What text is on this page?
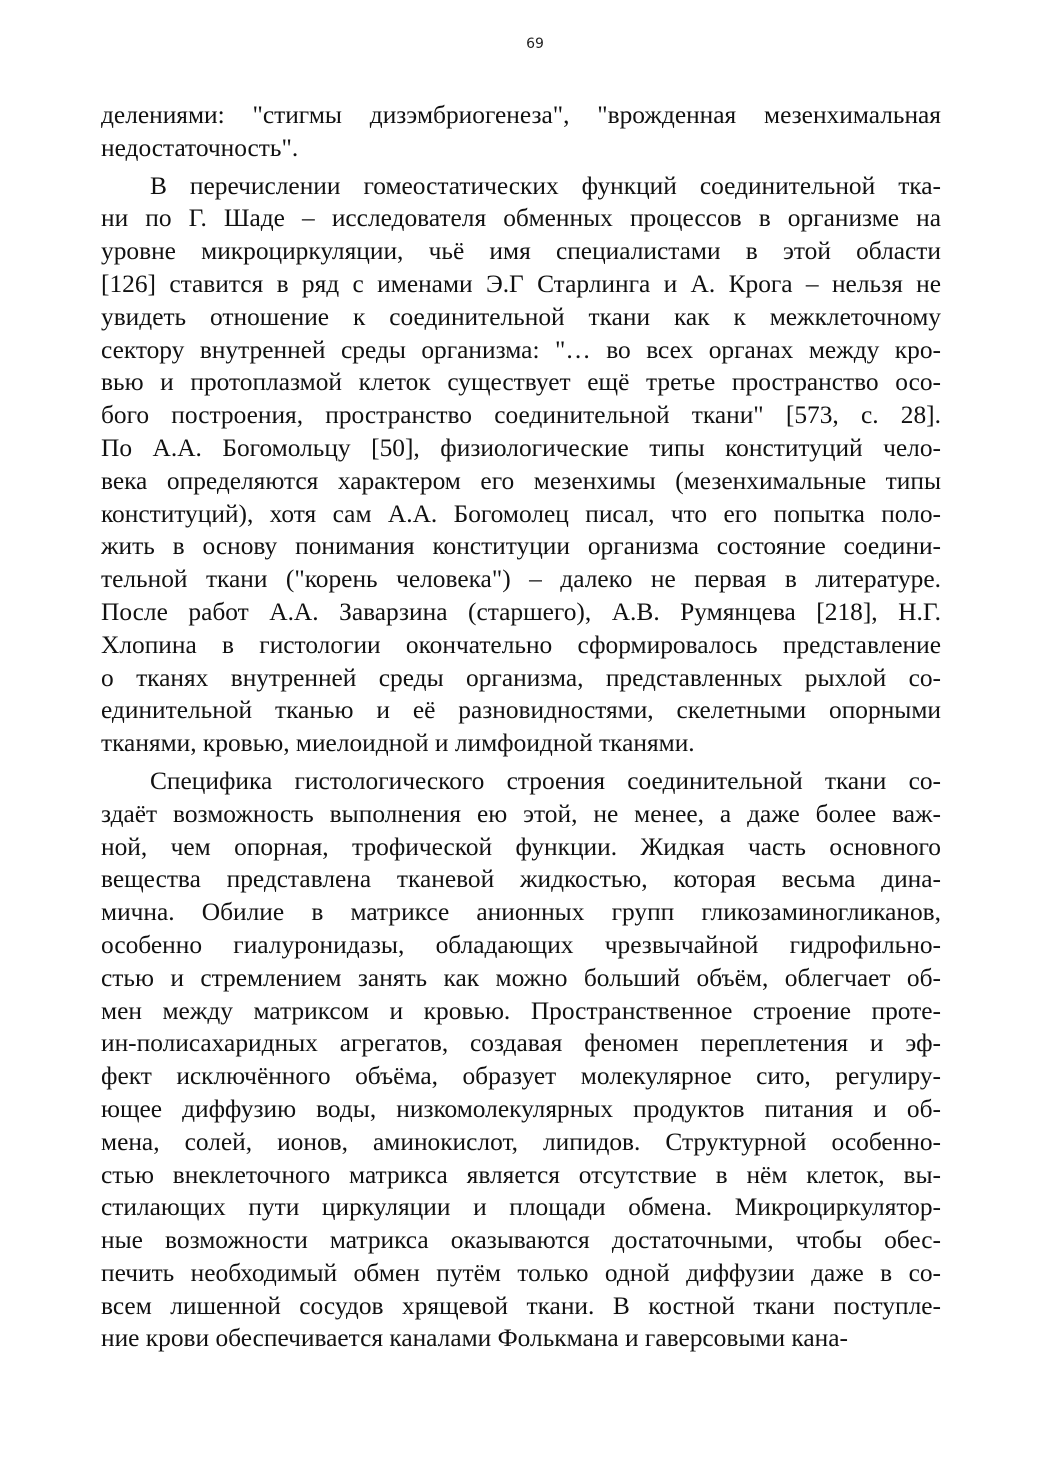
69
делениями: "стигмы дизэмбриогенеза", "врожденная мезенхимальная
недостаточность".
В перечислении гомеостатических функций соединительной тка-
ни по Г. Шаде – исследователя обменных процессов в организме на
уровне микроциркуляции, чьё имя специалистами в этой области
[126] ставится в ряд с именами Э.Г Старлинга и А. Крога – нельзя не
увидеть отношение к соединительной ткани как к межклеточному
сектору внутренней среды организма: "… во всех органах между кро-
вью и протоплазмой клеток существует ещё третье пространство осо-
бого построения, пространство соединительной ткани" [573, с. 28].
По А.А. Богомольцу [50], физиологические типы конституций чело-
века определяются характером его мезенхимы (мезенхимальные типы
конституций), хотя сам А.А. Богомолец писал, что его попытка поло-
жить в основу понимания конституции организма состояние соедини-
тельной ткани ("корень человека") – далеко не первая в литературе.
После работ А.А. Заварзина (старшего), А.В. Румянцева [218], Н.Г.
Хлопина в гистологии окончательно сформировалось представление
о тканях внутренней среды организма, представленных рыхлой со-
единительной тканью и её разновидностями, скелетными опорными
тканями, кровью, миелоидной и лимфоидной тканями.
Специфика гистологического строения соединительной ткани со-
здаёт возможность выполнения ею этой, не менее, а даже более важ-
ной, чем опорная, трофической функции. Жидкая часть основного
вещества представлена тканевой жидкостью, которая весьма дина-
мична. Обилие в матриксе анионных групп гликозаминогликанов,
особенно гиалуронидазы, обладающих чрезвычайной гидрофильно-
стью и стремлением занять как можно больший объём, облегчает об-
мен между матриксом и кровью. Пространственное строение проте-
ин-полисахаридных агрегатов, создавая феномен переплетения и эф-
фект исключённого объёма, образует молекулярное сито, регулиру-
ющее диффузию воды, низкомолекулярных продуктов питания и об-
мена, солей, ионов, аминокислот, липидов. Структурной особенно-
стью внеклеточного матрикса является отсутствие в нём клеток, вы-
стилающих пути циркуляции и площади обмена. Микроциркулятор-
ные возможности матрикса оказываются достаточными, чтобы обес-
печить необходимый обмен путём только одной диффузии даже в со-
всем лишенной сосудов хрящевой ткани. В костной ткани поступле-
ние крови обеспечивается каналами Фолькмана и гаверсовыми кана-
